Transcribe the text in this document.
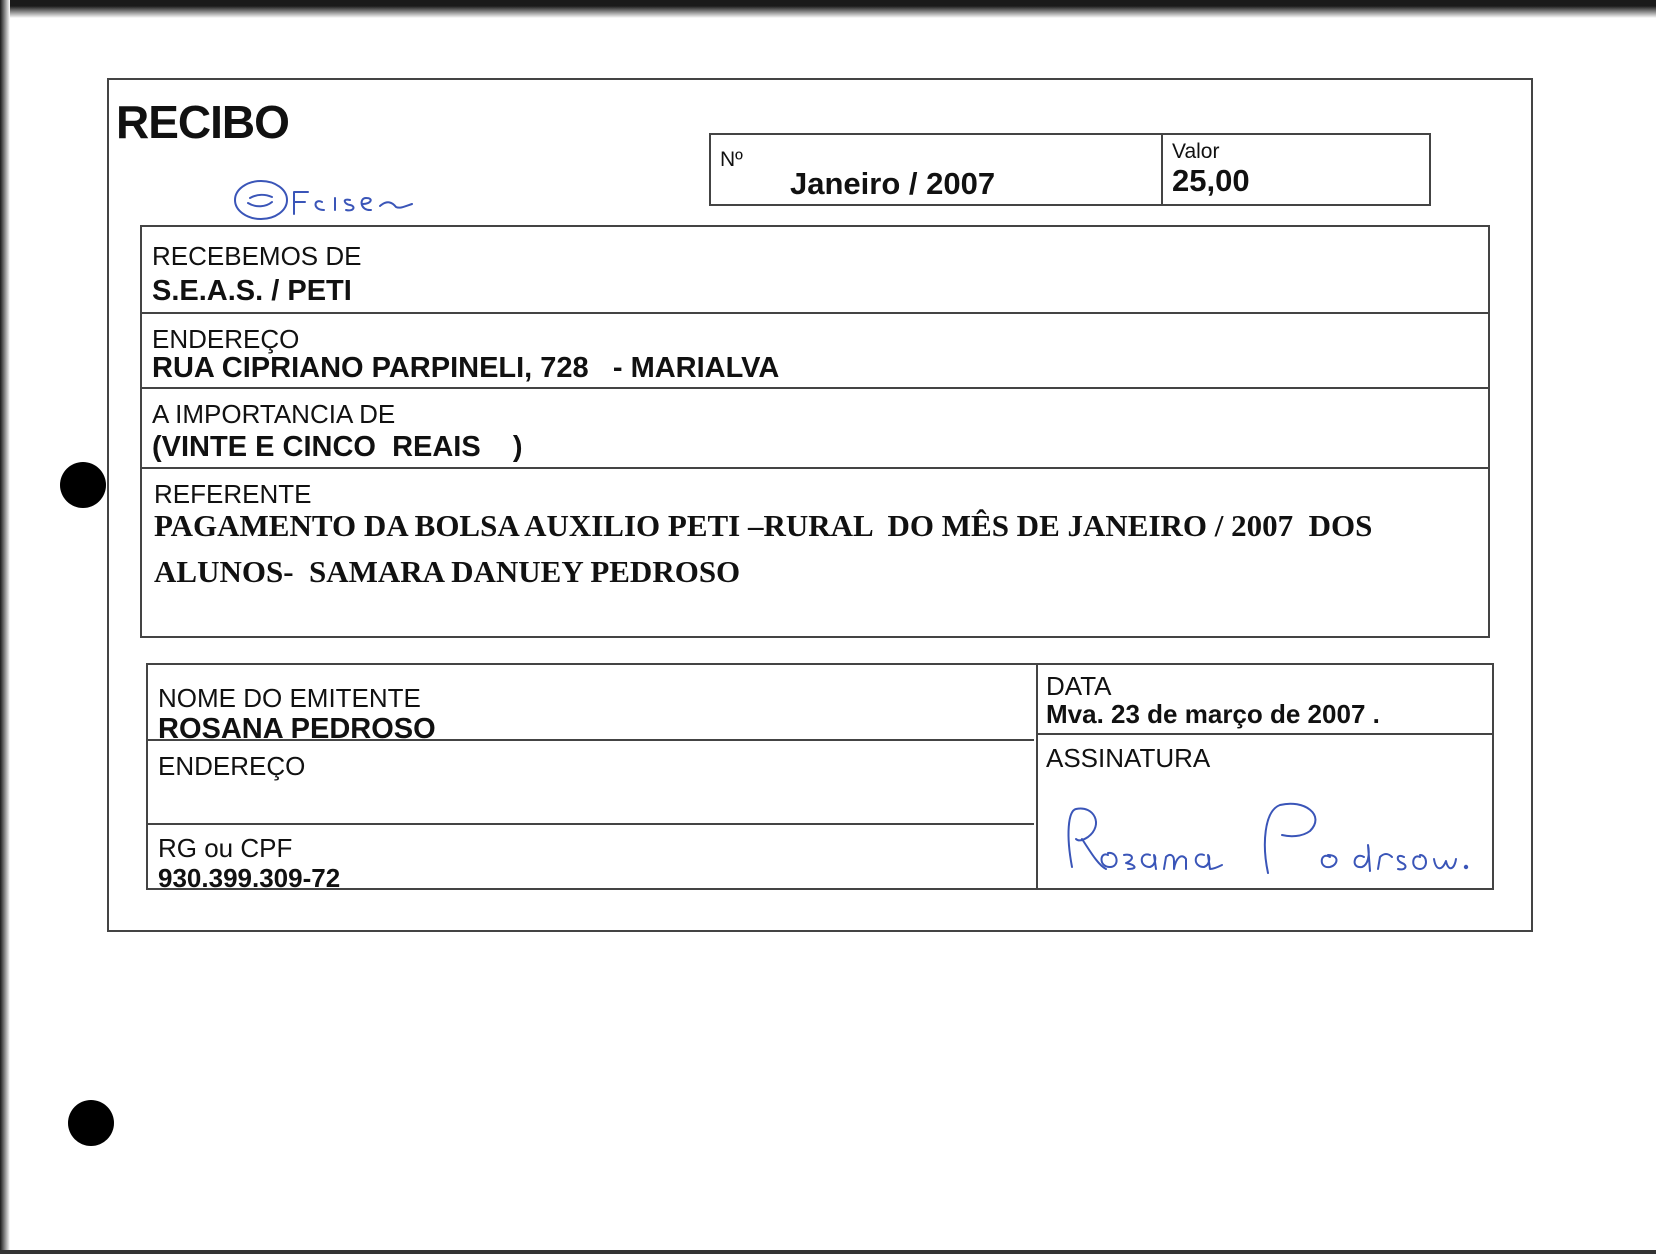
RECIBO
Nº
Janeiro / 2007
Valor
25,00
RECEBEMOS DE
S.E.A.S. / PETI
ENDEREÇO
RUA CIPRIANO PARPINELI, 728   - MARIALVA
A IMPORTANCIA DE
(VINTE E CINCO  REAIS    )
REFERENTE
PAGAMENTO DA BOLSA AUXILIO PETI –RURAL  DO MÊS DE JANEIRO / 2007  DOS ALUNOS-  SAMARA DANUEY PEDROSO
NOME DO EMITENTE
ROSANA PEDROSO
ENDEREÇO
RG ou CPF
930.399.309-72
DATA
Mva. 23 de março de 2007 .
ASSINATURA
